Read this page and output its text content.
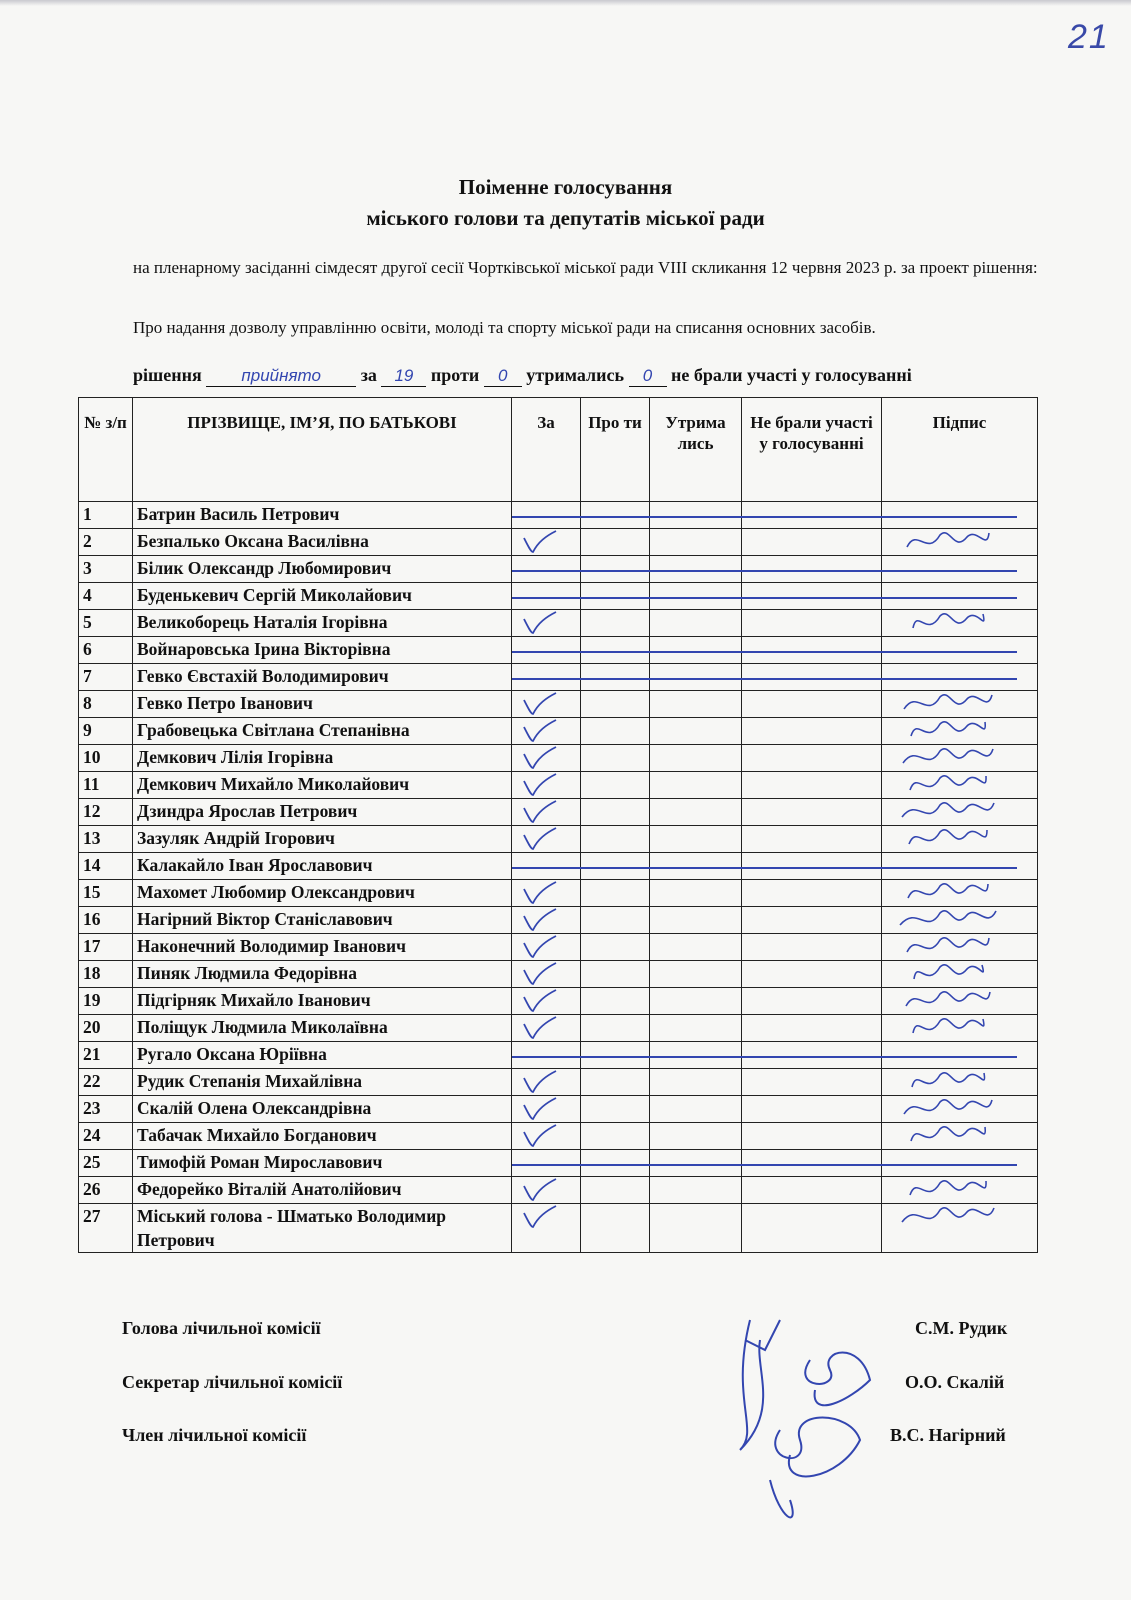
21
Поіменне голосування
міського голови та депутатів міської ради
на пленарному засіданні сімдесят другої сесії Чортківської міської ради VIII скликання 12 червня 2023 р. за проект рішення:
Про надання дозволу управлінню освіти, молоді та спорту міської ради на списання основних засобів.
рішення прийнято за 19 проти 0 утримались 0 не брали участі у голосуванні
№ з/п	ПРІЗВИЩЕ, ІМ’Я, ПО БАТЬКОВІ	За	Про ти	Утрима лись	Не брали участі у голосуванні	Підпис
1	Батрин Василь Петрович	

2	Безпалько Оксана Василівна	

3	Білик Олександр Любомирович	

4	Буденькевич Сергій Миколайович	

5	Великоборець Наталія Ігорівна	

6	Войнаровська Ірина Вікторівна	

7	Гевко Євстахій Володимирович	

8	Гевко Петро Іванович	

9	Грабовецька Світлана Степанівна	

10	Демкович Лілія Ігорівна	

11	Демкович Михайло Миколайович	

12	Дзиндра Ярослав Петрович	

13	Зазуляк Андрій Ігорович	

14	Калакайло Іван Ярославович	

15	Махомет Любомир Олександрович	

16	Нагірний Віктор Станіславович	

17	Наконечний Володимир Іванович	

18	Пиняк Людмила Федорівна	

19	Підгірняк Михайло Іванович	

20	Поліщук Людмила Миколаївна	

21	Ругало Оксана Юріївна	

22	Рудик Степанія Михайлівна	

23	Скалій Олена Олександрівна	

24	Табачак Михайло Богданович	

25	Тимофій Роман Мирославович	

26	Федорейко Віталій Анатолійович	

27	Міський голова - Шматько Володимир Петрович	

Голова лічильної комісії	С.М. Рудик
Секретар лічильної комісії	О.О. Скалій
Член лічильної комісії	В.С. Нагірний
